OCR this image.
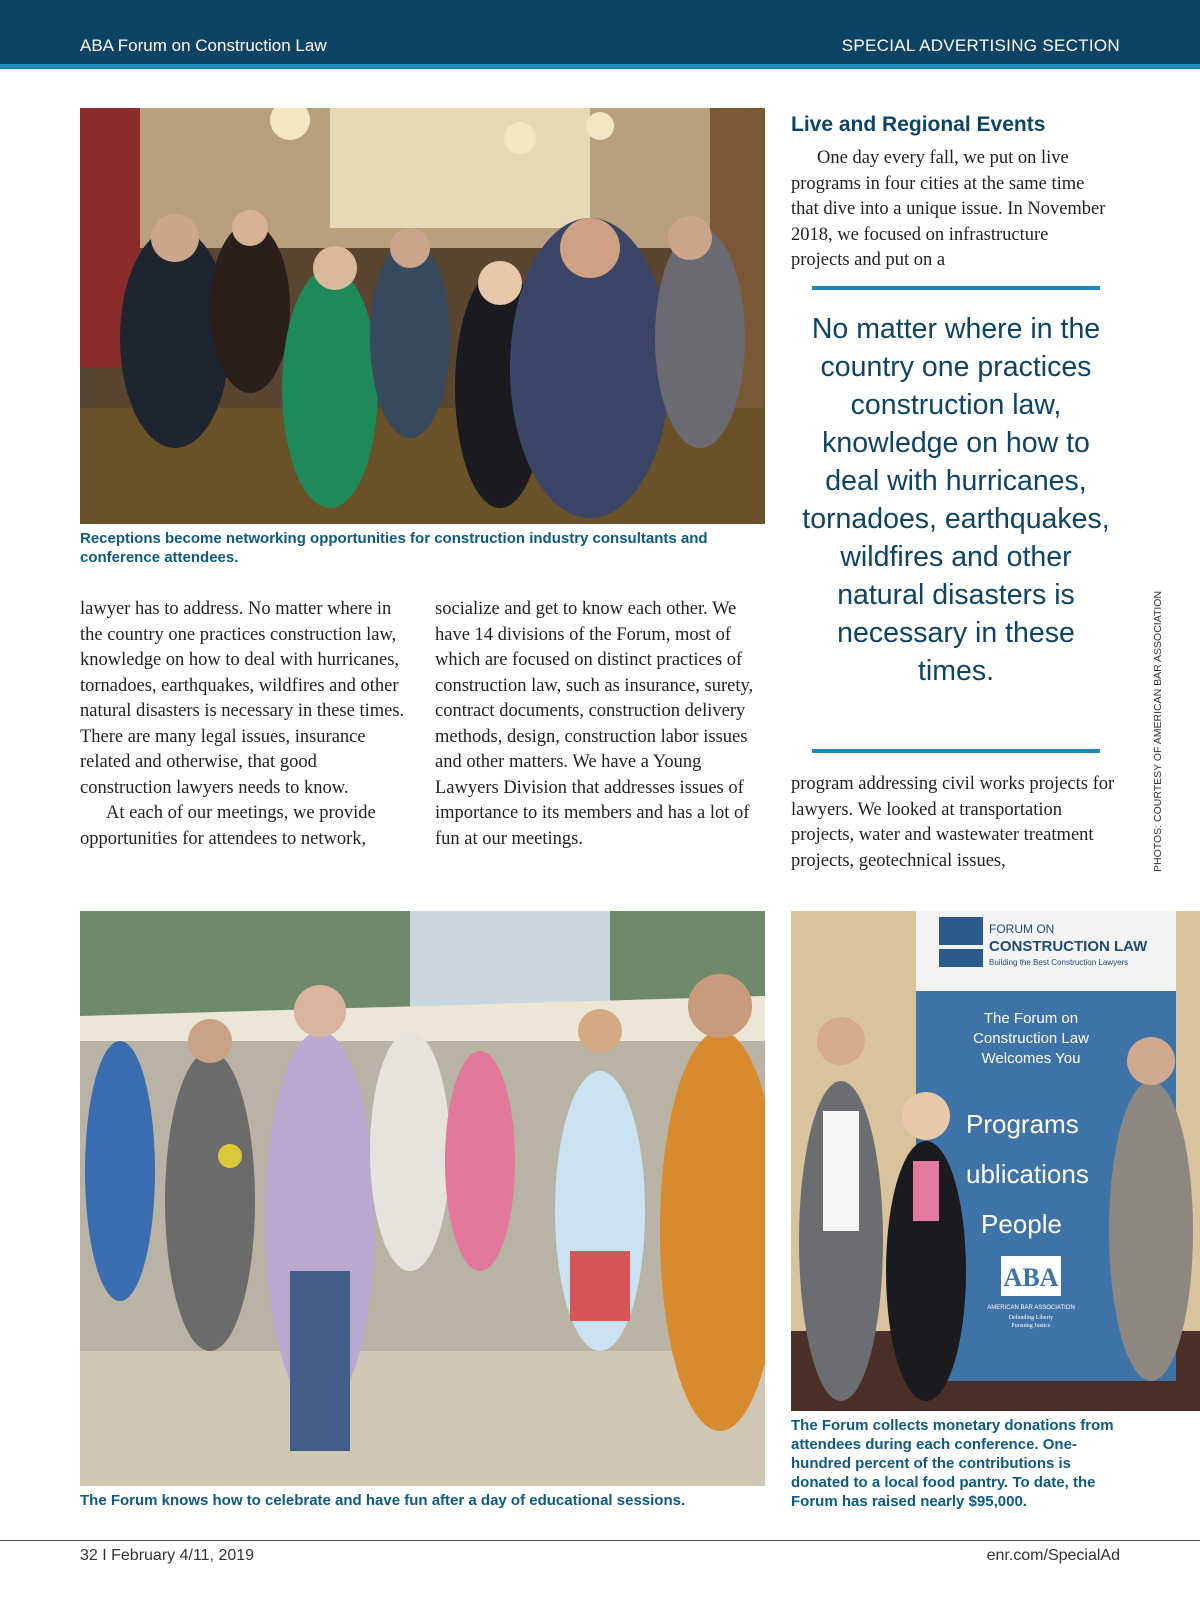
ABA Forum on Construction Law	SPECIAL ADVERTISING SECTION
Receptions become networking opportunities for construction industry consultants and conference attendees.

lawyer has to address. No matter where in the country one practices construction law, knowledge on how to deal with hurricanes, tornadoes, earthquakes, wildfires and other natural disasters is necessary in these times. There are many legal issues, insurance related and otherwise, that good construction lawyers needs to know.

At each of our meetings, we provide opportunities for attendees to network,

socialize and get to know each other. We have 14 divisions of the Forum, most of which are focused on distinct practices of construction law, such as insurance, surety, contract documents, construction delivery methods, design, construction labor issues and other matters. We have a Young Lawyers Division that addresses issues of importance to its members and has a lot of fun at our meetings.

Live and Regional Events
One day every fall, we put on live programs in four cities at the same time that dive into a unique issue. In November 2018, we focused on infrastructure projects and put on a
No matter where in the country one practices construction law, knowledge on how to deal with hurricanes, tornadoes, earthquakes, wildfires and other natural disasters is necessary in these times.
program addressing civil works projects for lawyers. We looked at transportation projects, water and wastewater treatment projects, geotechnical issues,	PHOTOS: COURTESY OF AMERICAN BAR ASSOCIATION
The Forum knows how to celebrate and have fun after a day of educational sessions.
FORUM ON
CONSTRUCTION LAW
Building the Best Construction Lawyers
The Forum on
Construction Law
Welcomes You
Programs
ublications
People
ABA
AMERICAN BAR ASSOCIATION
Defending Liberty
Pursuing Justice
The Forum collects monetary donations from attendees during each conference. One-hundred percent of the contributions is donated to a local food pantry. To date, the Forum has raised nearly $95,000.
32 I February 4/11, 2019	enr.com/SpecialAd
